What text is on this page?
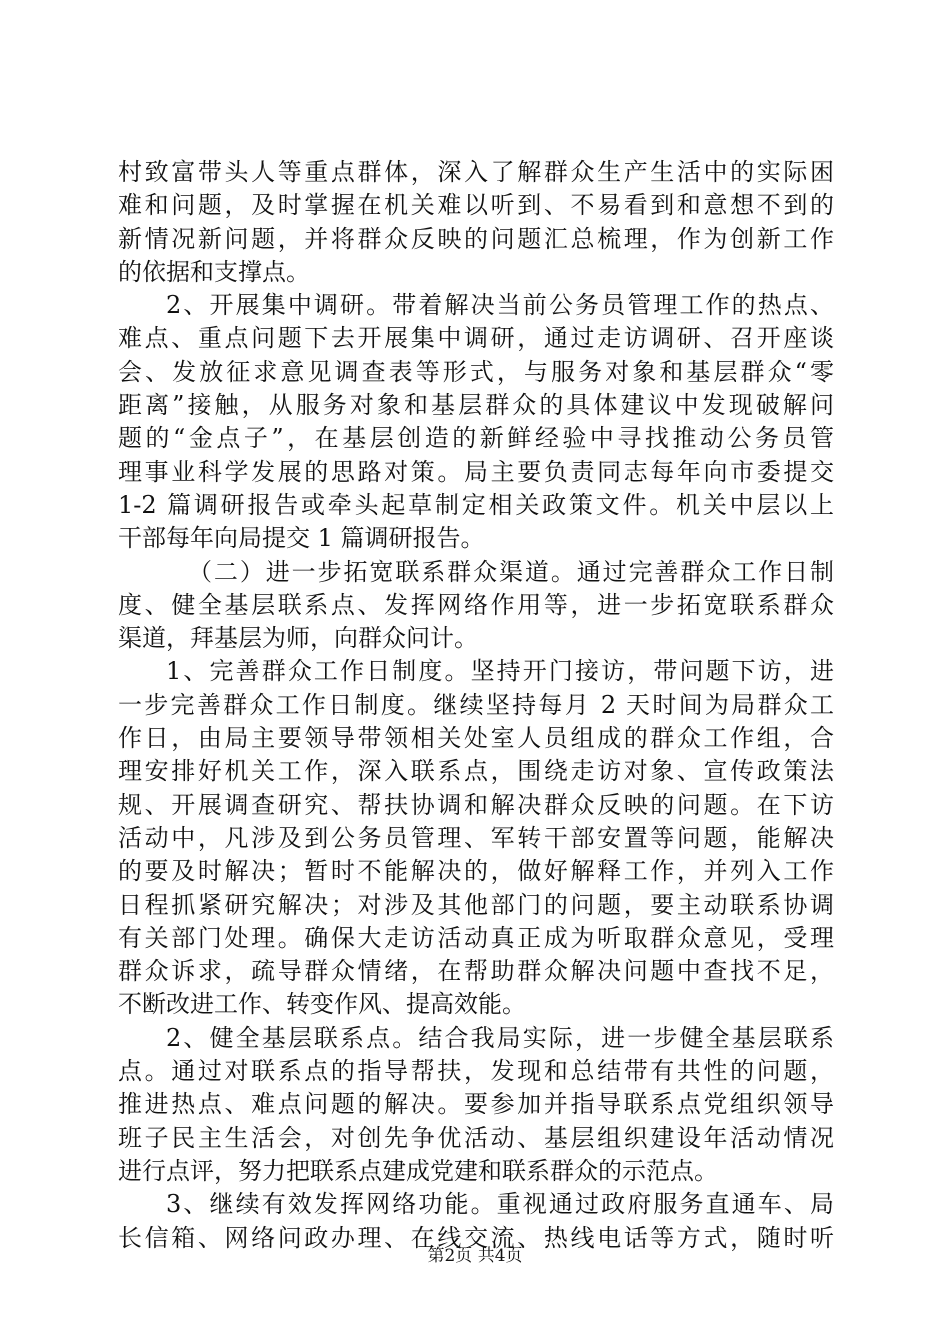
村致富带头人等重点群体，深入了解群众生产生活中的实际困
难和问题，及时掌握在机关难以听到、不易看到和意想不到的
新情况新问题，并将群众反映的问题汇总梳理，作为创新工作
的依据和支撑点。
2、开展集中调研。带着解决当前公务员管理工作的热点、
难点、重点问题下去开展集中调研，通过走访调研、召开座谈
会、发放征求意见调查表等形式，与服务对象和基层群众“零
距离”接触，从服务对象和基层群众的具体建议中发现破解问
题的“金点子”，在基层创造的新鲜经验中寻找推动公务员管
理事业科学发展的思路对策。局主要负责同志每年向市委提交
1-2 篇调研报告或牵头起草制定相关政策文件。机关中层以上
干部每年向局提交 1 篇调研报告。
（二）进一步拓宽联系群众渠道。通过完善群众工作日制
度、健全基层联系点、发挥网络作用等，进一步拓宽联系群众
渠道，拜基层为师，向群众问计。
1、完善群众工作日制度。坚持开门接访，带问题下访，进
一步完善群众工作日制度。继续坚持每月 2 天时间为局群众工
作日，由局主要领导带领相关处室人员组成的群众工作组，合
理安排好机关工作，深入联系点，围绕走访对象、宣传政策法
规、开展调查研究、帮扶协调和解决群众反映的问题。在下访
活动中，凡涉及到公务员管理、军转干部安置等问题，能解决
的要及时解决；暂时不能解决的，做好解释工作，并列入工作
日程抓紧研究解决；对涉及其他部门的问题，要主动联系协调
有关部门处理。确保大走访活动真正成为听取群众意见，受理
群众诉求，疏导群众情绪，在帮助群众解决问题中查找不足，
不断改进工作、转变作风、提高效能。
2、健全基层联系点。结合我局实际，进一步健全基层联系
点。通过对联系点的指导帮扶，发现和总结带有共性的问题，
推进热点、难点问题的解决。要参加并指导联系点党组织领导
班子民主生活会，对创先争优活动、基层组织建设年活动情况
进行点评，努力把联系点建成党建和联系群众的示范点。
3、继续有效发挥网络功能。重视通过政府服务直通车、局
长信箱、网络问政办理、在线交流、热线电话等方式，随时听
第2页 共4页
